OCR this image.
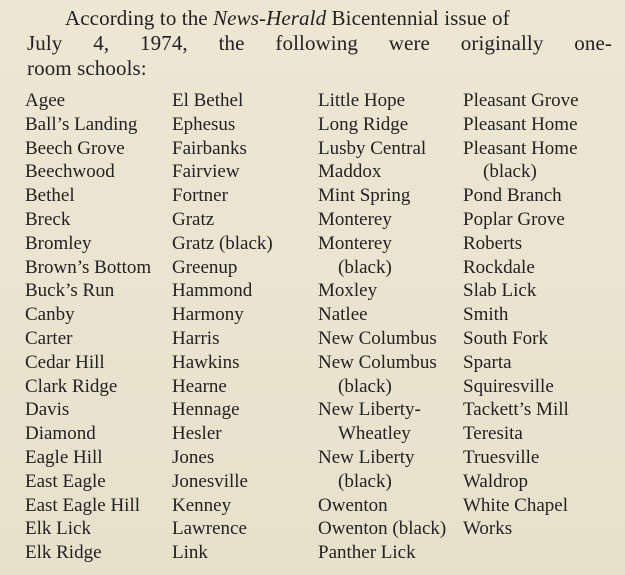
According to the News-Herald Bicentennial issue of
July 4, 1974, the following were originally one-
room schools:
Agee
Ball’s Landing
Beech Grove
Beechwood
Bethel
Breck
Bromley
Brown’s Bottom
Buck’s Run
Canby
Carter
Cedar Hill
Clark Ridge
Davis
Diamond
Eagle Hill
East Eagle
East Eagle Hill
Elk Lick
Elk Ridge
El Bethel
Ephesus
Fairbanks
Fairview
Fortner
Gratz
Gratz (black)
Greenup
Hammond
Harmony
Harris
Hawkins
Hearne
Hennage
Hesler
Jones
Jonesville
Kenney
Lawrence
Link
Little Hope
Long Ridge
Lusby Central
Maddox
Mint Spring
Monterey
Monterey
(black)
Moxley
Natlee
New Columbus
New Columbus
(black)
New Liberty-
Wheatley
New Liberty
(black)
Owenton
Owenton (black)
Panther Lick
Pleasant Grove
Pleasant Home
Pleasant Home
(black)
Pond Branch
Poplar Grove
Roberts
Rockdale
Slab Lick
Smith
South Fork
Sparta
Squiresville
Tackett’s Mill
Teresita
Truesville
Waldrop
White Chapel
Works
